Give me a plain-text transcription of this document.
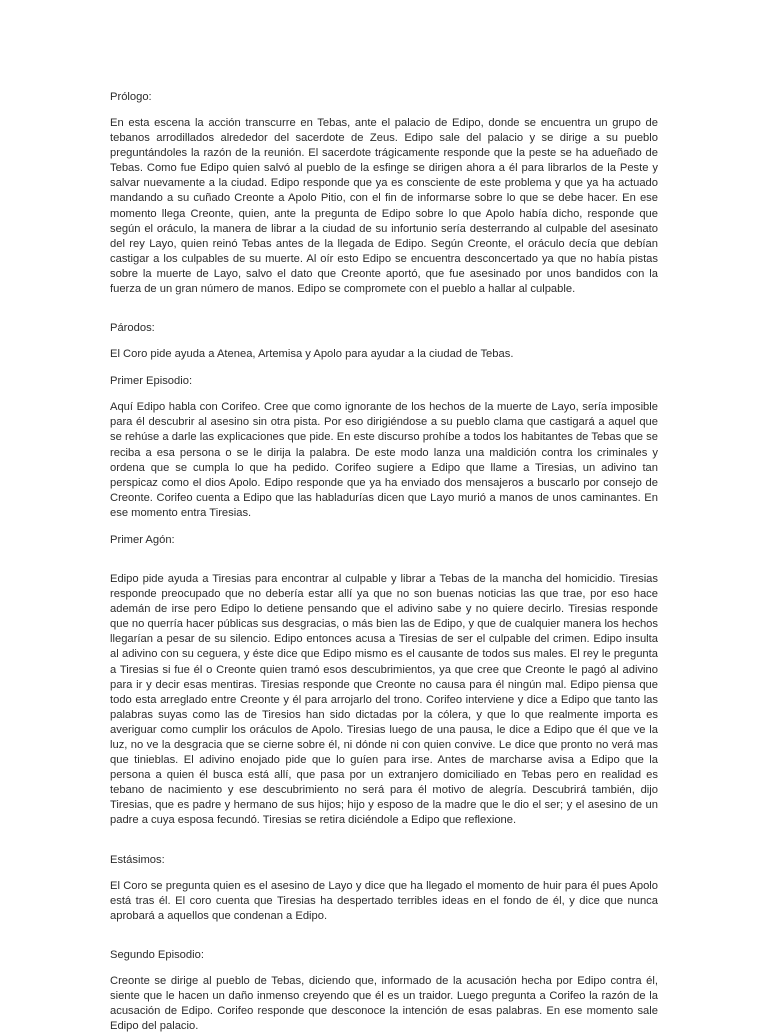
Prólogo:

En esta escena la acción transcurre en Tebas, ante el palacio de Edipo, donde se encuentra un grupo de tebanos arrodillados alrededor del sacerdote de Zeus. Edipo sale del palacio y se dirige a su pueblo preguntándoles la razón de la reunión. El sacerdote trágicamente responde que la peste se ha adueñado de Tebas. Como fue Edipo quien salvó al pueblo de la esfinge se dirigen ahora a él para librarlos de la Peste y salvar nuevamente a la ciudad. Edipo responde que ya es consciente de este problema y que ya ha actuado mandando a su cuñado Creonte a Apolo Pitio, con el fin de informarse sobre lo que se debe hacer. En ese momento llega Creonte, quien, ante la pregunta de Edipo sobre lo que Apolo había dicho, responde que según el oráculo, la manera de librar a la ciudad de su infortunio sería desterrando al culpable del asesinato del rey Layo, quien reinó Tebas antes de la llegada de Edipo. Según Creonte, el oráculo decía que debían castigar a los culpables de su muerte. Al oír esto Edipo se encuentra desconcertado ya que no había pistas sobre la muerte de Layo, salvo el dato que Creonte aportó, que fue asesinado por unos bandidos con la fuerza de un gran número de manos. Edipo se compromete con el pueblo a hallar al culpable.

Párodos:

El Coro pide ayuda a Atenea, Artemisa y Apolo para ayudar a la ciudad de Tebas.

Primer Episodio:

Aquí Edipo habla con Corifeo. Cree que como ignorante de los hechos de la muerte de Layo, sería imposible para él descubrir al asesino sin otra pista. Por eso dirigiéndose a su pueblo clama que castigará a aquel que se rehúse a darle las explicaciones que pide. En este discurso prohíbe a todos los habitantes de Tebas que se reciba a esa persona o se le dirija la palabra. De este modo lanza una maldición contra los criminales y ordena que se cumpla lo que ha pedido. Corifeo sugiere a Edipo que llame a Tiresias, un adivino tan perspicaz como el dios Apolo. Edipo responde que ya ha enviado dos mensajeros a buscarlo por consejo de Creonte. Corifeo cuenta a Edipo que las habladurías dicen que Layo murió a manos de unos caminantes. En ese momento entra Tiresias.

Primer Agón:

Edipo pide ayuda a Tiresias para encontrar al culpable y librar a Tebas de la mancha del homicidio. Tiresias responde preocupado que no debería estar allí ya que no son buenas noticias las que trae, por eso hace ademán de irse pero Edipo lo detiene pensando que el adivino sabe y no quiere decirlo. Tiresias responde que no querría hacer públicas sus desgracias, o más bien las de Edipo, y que de cualquier manera los hechos llegarían a pesar de su silencio. Edipo entonces acusa a Tiresias de ser el culpable del crimen. Edipo insulta al adivino con su ceguera, y éste dice que Edipo mismo es el causante de todos sus males. El rey le pregunta a Tiresias si fue él o Creonte quien tramó esos descubrimientos, ya que cree que Creonte le pagó al adivino para ir y decir esas mentiras. Tiresias responde que Creonte no causa para él ningún mal. Edipo piensa que todo esta arreglado entre Creonte y él para arrojarlo del trono. Corifeo interviene y dice a Edipo que tanto las palabras suyas como las de Tiresios han sido dictadas por la cólera, y que lo que realmente importa es averiguar como cumplir los oráculos de Apolo. Tiresias luego de una pausa, le dice a Edipo que él que ve la luz, no ve la desgracia que se cierne sobre él, ni dónde ni con quien convive. Le dice que pronto no verá mas que tinieblas. El adivino enojado pide que lo guíen para irse. Antes de marcharse avisa a Edipo que la persona a quien él busca está allí, que pasa por un extranjero domiciliado en Tebas pero en realidad es tebano de nacimiento y ese descubrimiento no será para él motivo de alegría. Descubrirá también, dijo Tiresias, que es padre y hermano de sus hijos; hijo y esposo de la madre que le dio el ser; y el asesino de un padre a cuya esposa fecundó. Tiresias se retira diciéndole a Edipo que reflexione.

Estásimos:

El Coro se pregunta quien es el asesino de Layo y dice que ha llegado el momento de huir para él pues Apolo está tras él. El coro cuenta que Tiresias ha despertado terribles ideas en el fondo de él, y dice que nunca aprobará a aquellos que condenan a Edipo.

Segundo Episodio:

Creonte se dirige al pueblo de Tebas, diciendo que, informado de la acusación hecha por Edipo contra él, siente que le hacen un daño inmenso creyendo que él es un traidor. Luego pregunta a Corifeo la razón de la acusación de Edipo. Corifeo responde que desconoce la intención de esas palabras. En ese momento sale Edipo del palacio.
